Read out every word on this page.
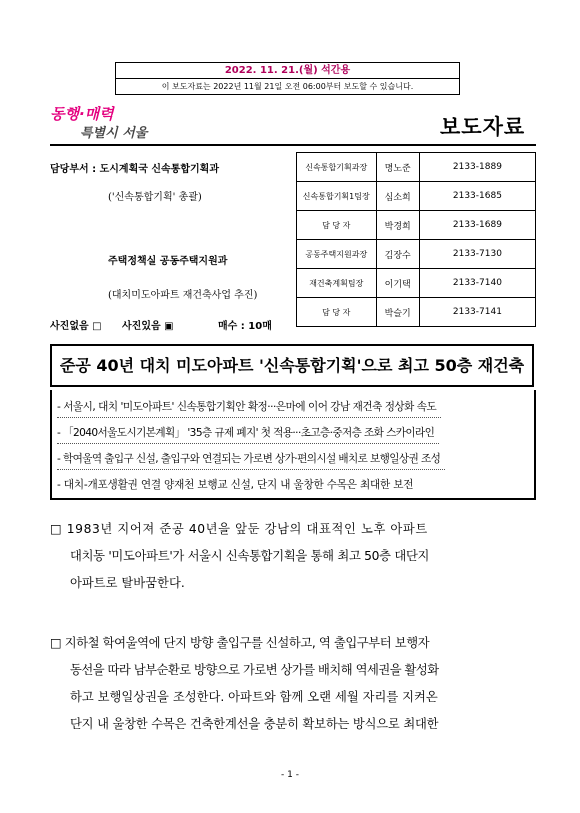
2022. 11. 21.(월) 석간용
이 보도자료는 2022년 11월 21일 오전 06:00부터 보도할 수 있습니다.
동행·매력
특별시 서울	보도자료
담당부서 : 도시계획국 신속통합기획과
('신속통합기획' 총괄)
주택정책실 공동주택지원과
(대치미도아파트 재건축사업 추진)
사진없음 □ 사진있음 ▣	매수 : 10매
신속통합기획과장	명노준	2133-1889
신속통합기획1팀장	심소희	2133-1685
담 당 자	박경희	2133-1689
공동주택지원과장	김장수	2133-7130
재건축계획팀장	이기택	2133-7140
담 당 자	박슬기	2133-7141
준공 40년 대치 미도아파트 '신속통합기획'으로 최고 50층 재건축
- 서울시, 대치 '미도아파트' 신속통합기획안 확정···은마에 이어 강남 재건축 정상화 속도
- 「2040서울도시기본계획」 '35층 규제 폐지' 첫 적용···초고층·중저층 조화 스카이라인
- 학여울역 출입구 신설, 출입구와 연결되는 가로변 상가·편의시설 배치로 보행일상권 조성
- 대치-개포생활권 연결 양재천 보행교 신설, 단지 내 울창한 수목은 최대한 보전
□ 1983년 지어져 준공 40년을 앞둔 강남의 대표적인 노후 아파트
대치동 '미도아파트'가 서울시 신속통합기획을 통해 최고 50층 대단지
아파트로 탈바꿈한다.
□ 지하철 학여울역에 단지 방향 출입구를 신설하고, 역 출입구부터 보행자
동선을 따라 남부순환로 방향으로 가로변 상가를 배치해 역세권을 활성화
하고 보행일상권을 조성한다. 아파트와 함께 오랜 세월 자리를 지켜온
단지 내 울창한 수목은 건축한계선을 충분히 확보하는 방식으로 최대한
- 1 -
